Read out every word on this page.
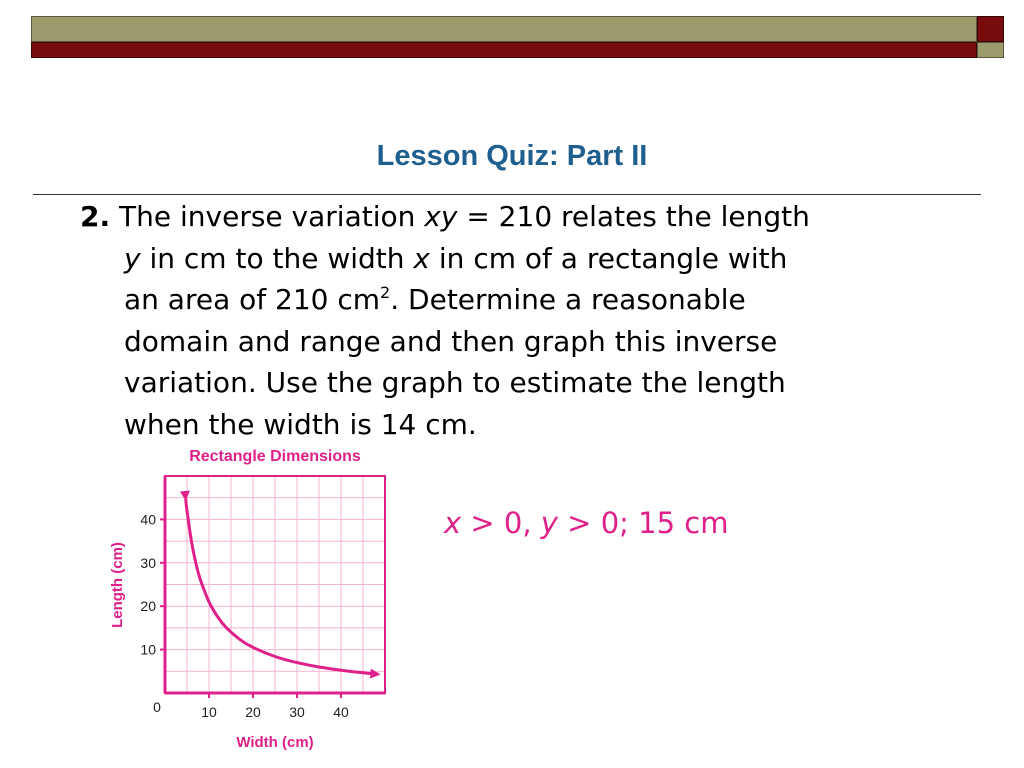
Lesson Quiz: Part II
2. The inverse variation xy = 210 relates the length
y in cm to the width x in cm of a rectangle with
an area of 210 $cm^2$. Determine a reasonable
domain and range and then graph this inverse
variation. Use the graph to estimate the length
when the width is 14 cm.
x > 0, y > 0; 15 cm
10 20 30 40
10
20
30
40
Rectangle Dimensions
Width (cm)
Length (cm)
0
